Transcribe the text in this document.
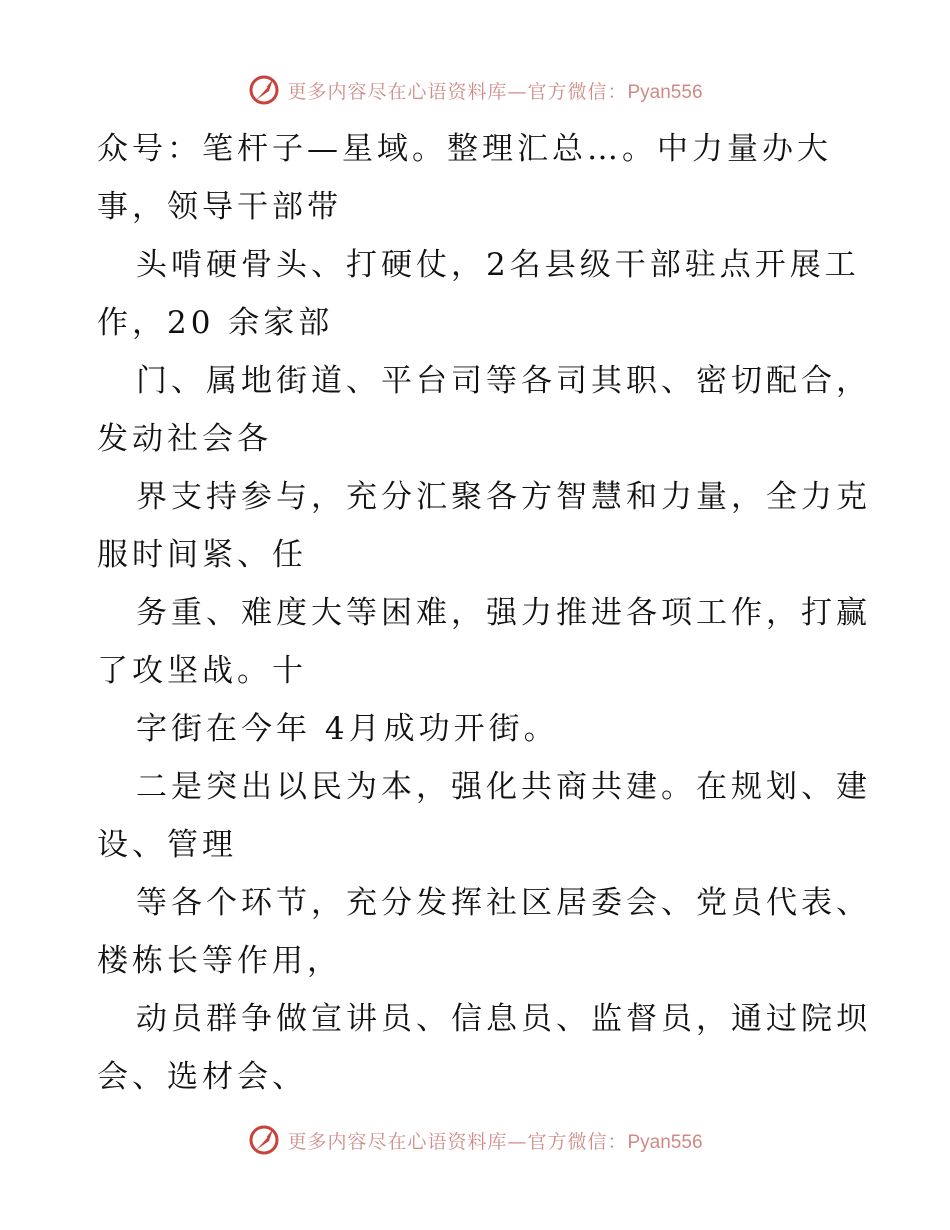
更多内容尽在心语资料库—官方微信：Pyan556
众号：笔杆子—星域。整理汇总…。中力量办大
事，领导干部带
头啃硬骨头、打硬仗，2名县级干部驻点开展工
作，20 余家部
门、属地街道、平台司等各司其职、密切配合，
发动社会各
界支持参与，充分汇聚各方智慧和力量，全力克
服时间紧、任
务重、难度大等困难，强力推进各项工作，打赢
了攻坚战。十
字街在今年 4月成功开街。
二是突出以民为本，强化共商共建。在规划、建
设、管理
等各个环节，充分发挥社区居委会、党员代表、
楼栋长等作用，
动员群争做宣讲员、信息员、监督员，通过院坝
会、选材会、
更多内容尽在心语资料库—官方微信：Pyan556
